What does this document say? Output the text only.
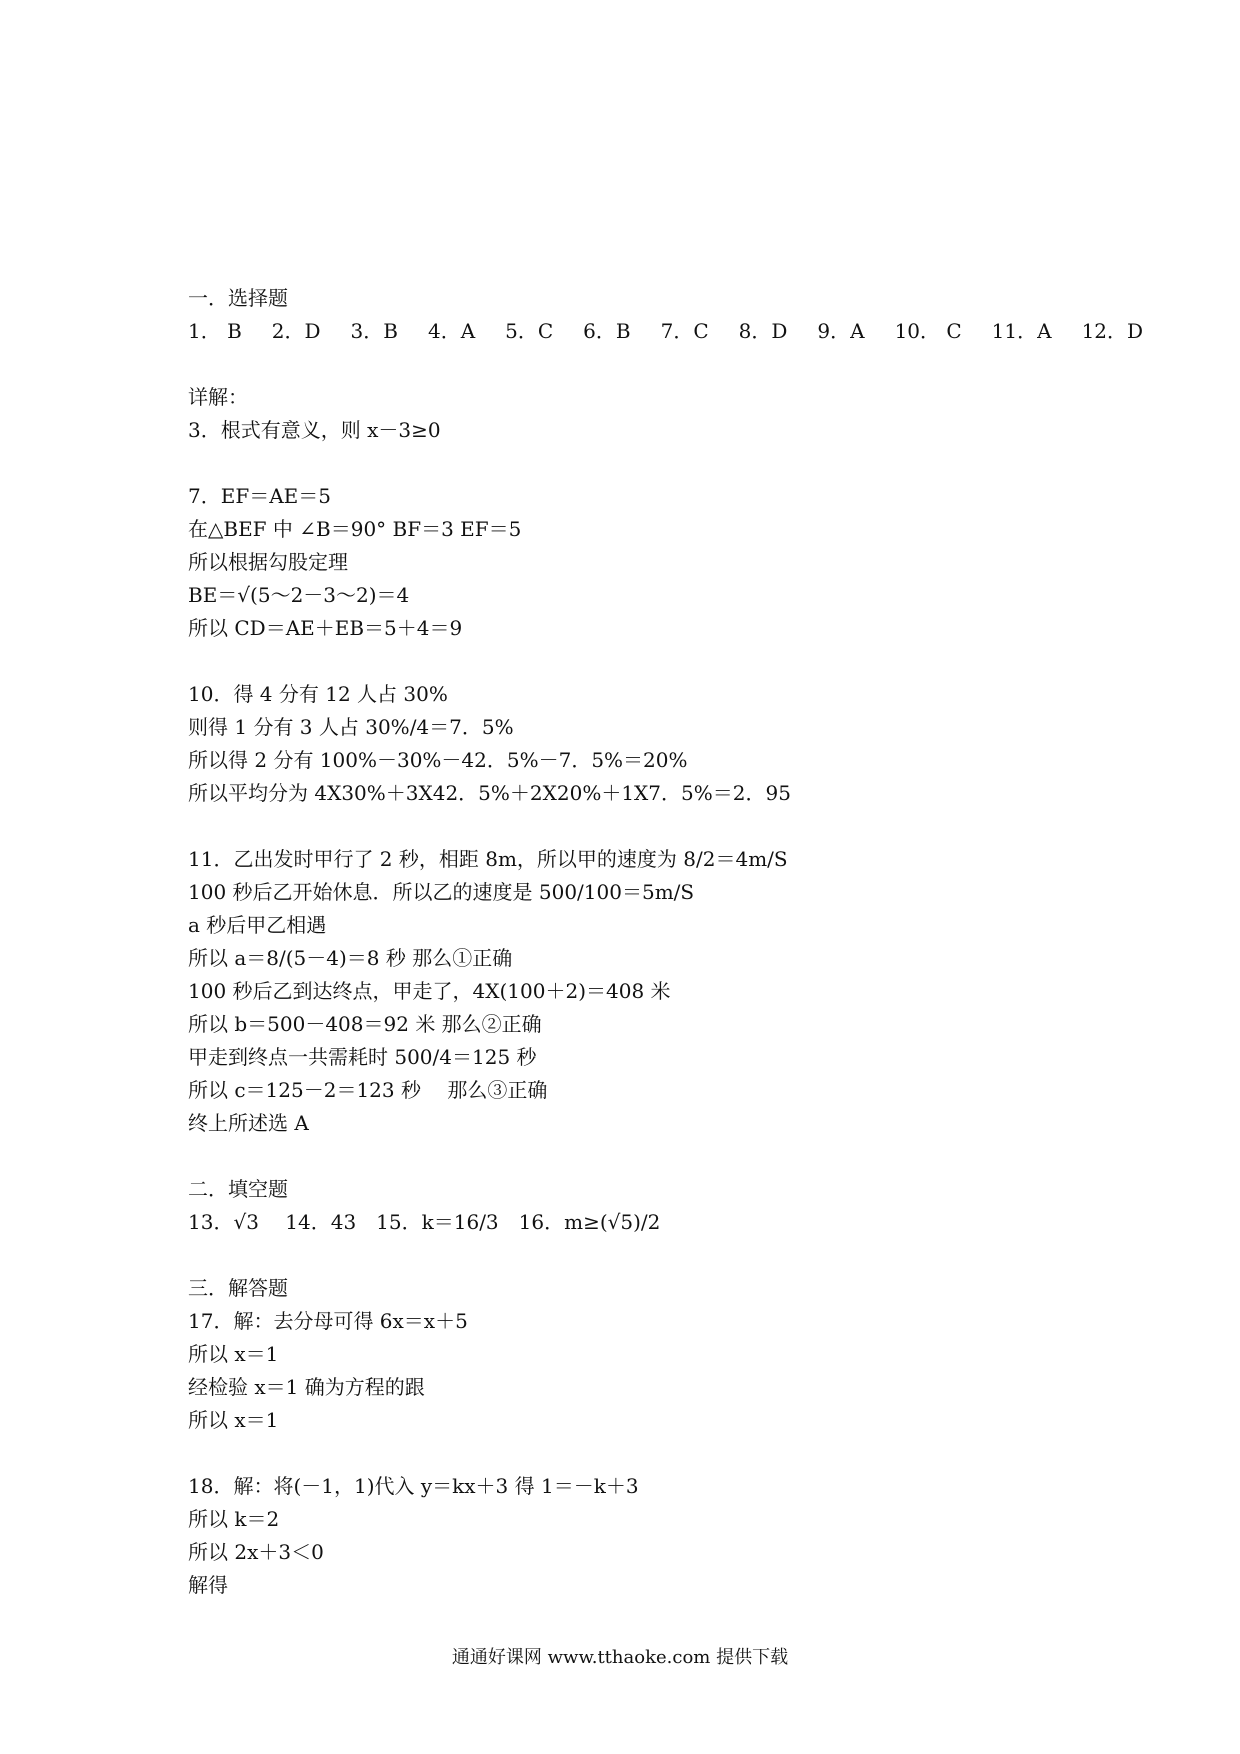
一．选择题
1． B 2．D 3．B 4．A 5．C 6．B 7．C 8．D 9．A 10． C 11．A 12．D
详解：
3．根式有意义，则 x－3≥0
7．EF＝AE＝5
在△BEF 中 ∠B＝90° BF＝3 EF＝5
所以根据勾股定理
BE＝√(5～2－3～2)＝4
所以 CD＝AE＋EB＝5＋4＝9
10．得 4 分有 12 人占 30%
则得 1 分有 3 人占 30%/4＝7．5%
所以得 2 分有 100%－30%－42．5%－7．5%＝20%
所以平均分为 4X30%＋3X42．5%＋2X20%＋1X7．5%＝2．95
11．乙出发时甲行了 2 秒，相距 8m，所以甲的速度为 8/2＝4m/S
100 秒后乙开始休息．所以乙的速度是 500/100＝5m/S
a 秒后甲乙相遇
所以 a＝8/(5－4)＝8 秒 那么①正确
100 秒后乙到达终点，甲走了，4X(100＋2)＝408 米
所以 b＝500－408＝92 米 那么②正确
甲走到终点一共需耗时 500/4＝125 秒
所以 c＝125－2＝123 秒　 那么③正确
终上所述选 A
二．填空题
13．√3　 14．43　15．k＝16/3　16．m≥(√5)/2
三．解答题
17．解：去分母可得 6x＝x＋5
所以 x＝1
经检验 x＝1 确为方程的跟
所以 x＝1
18．解：将(－1，1)代入 y＝kx＋3 得 1＝－k＋3
所以 k＝2
所以 2x＋3＜0
解得
通通好课网 www.tthaoke.com 提供下载
